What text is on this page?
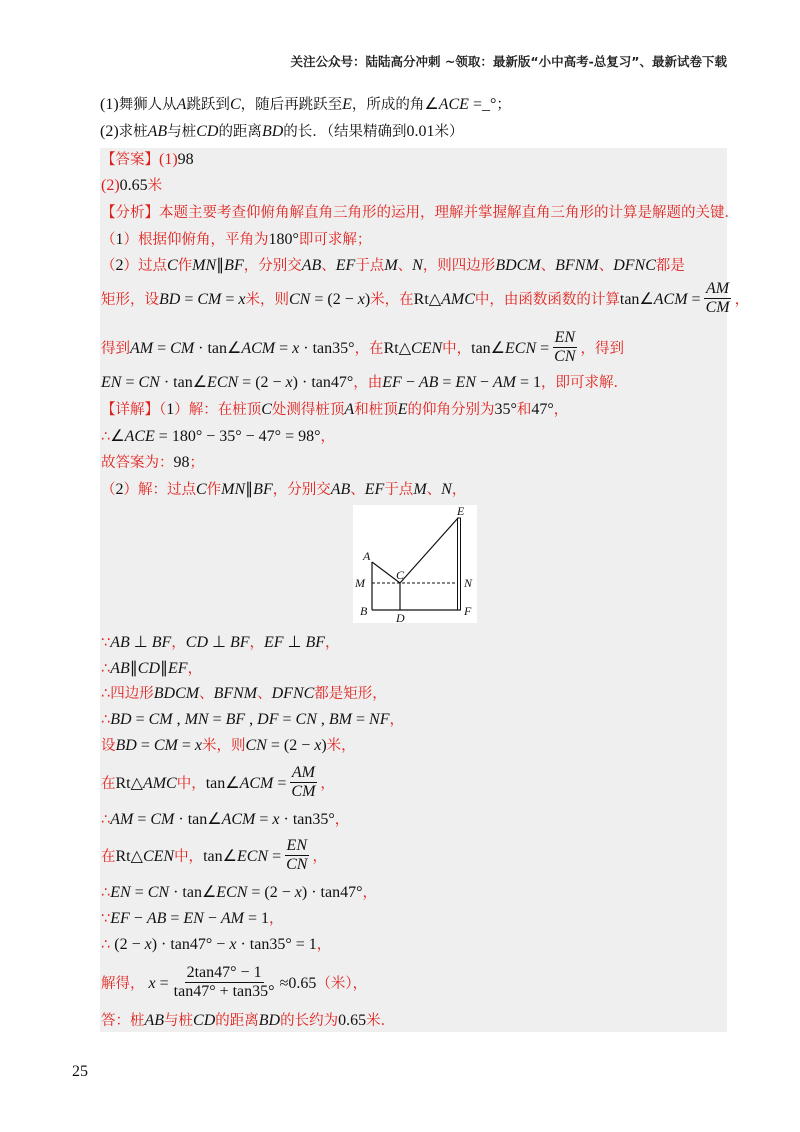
关注公众号：陆陆高分冲刺 ~领取：最新版“小中高考-总复习”、最新试卷下载
(1)舞狮人从A跳跃到C，随后再跳跃至E，所成的角∠ACE =_°；
(2)求桩AB与桩CD的距离BD的长．（结果精确到0.01米）
【答案】(1)98
(2)0.65米
【分析】本题主要考查仰俯角解直角三角形的运用，理解并掌握解直角三角形的计算是解题的关键．
（1）根据仰俯角，平角为180°即可求解；
（2）过点C作MN∥BF，分别交AB、EF于点M、N，则四边形BDCM、BFNM、DFNC都是
矩形，设BD = CM = x米，则CN = (2 − x)米，在Rt△AMC中，由函数函数的计算tan∠ACM = $\frac{AM}{CM}$ ，
得到AM = CM · tan∠ACM = x · tan35°，在Rt△CEN中，tan∠ECN = $\frac{EN}{CN}$ ，得到
EN = CN · tan∠ECN = (2 − x) · tan47°，由EF − AB = EN − AM = 1，即可求解．
【详解】（1）解：在桩顶C处测得桩顶A和桩顶E的仰角分别为35°和47°，
∴∠ACE = 180° − 35° − 47° = 98°，
故答案为：98；
（2）解：过点C作MN∥BF，分别交AB、EF于点M、N，
A
M
B
C
D
E
N
F
∵AB ⊥ BF，CD ⊥ BF，EF ⊥ BF，
∴AB∥CD∥EF，
∴四边形BDCM、BFNM、DFNC都是矩形，
∴BD = CM , MN = BF , DF = CN , BM = NF，
设BD = CM = x米，则CN = (2 − x)米，
在Rt△AMC中，tan∠ACM = $\frac{AM}{CM}$ ，
∴AM = CM · tan∠ACM = x · tan35°，
在Rt△CEN中，tan∠ECN = $\frac{EN}{CN}$ ，
∴EN = CN · tan∠ECN = (2 − x) · tan47°，
∵EF − AB = EN − AM = 1，
∴ (2 − x) · tan47° − x · tan35° = 1，
解得， $x = \frac{2\tan 47^\circ - 1}{\tan 47^\circ + \tan 35^\circ} \approx 0.65$（米），
答：桩AB与桩CD的距离BD的长约为0.65米．
25
